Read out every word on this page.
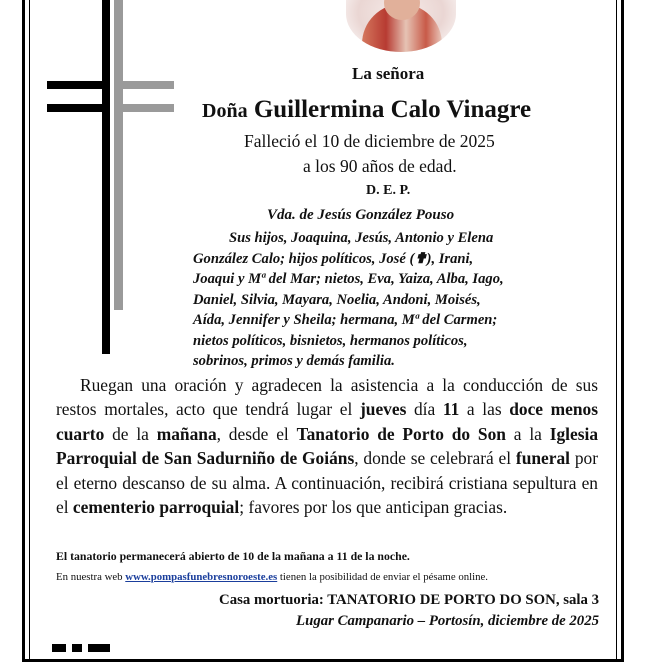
La señora
Doña Guillermina Calo Vinagre
Falleció el 10 de diciembre de 2025
a los 90 años de edad.
D. E. P.
Vda. de Jesús González Pouso
Sus hijos, Joaquina, Jesús, Antonio y Elena
González Calo; hijos políticos, José (✟), Irani,
Joaqui y Mª del Mar; nietos, Eva, Yaiza, Alba, Iago,
Daniel, Silvia, Mayara, Noelia, Andoni, Moisés,
Aída, Jennifer y Sheila; hermana, Mª del Carmen;
nietos políticos, bisnietos, hermanos políticos,
sobrinos, primos y demás familia.
Ruegan una oración y agradecen la asistencia a la conducción de sus restos mortales, acto que tendrá lugar el jueves día 11 a las doce menos cuarto de la mañana, desde el Tanatorio de Porto do Son a la Iglesia Parroquial de San Sadurniño de Goiáns, donde se celebrará el funeral por el eterno descanso de su alma. A continuación, recibirá cristiana sepultura en el cementerio parroquial; favores por los que anticipan gracias.
El tanatorio permanecerá abierto de 10 de la mañana a 11 de la noche.
En nuestra web www.pompasfunebresnoroeste.es tienen la posibilidad de enviar el pésame online.
Casa mortuoria: TANATORIO DE PORTO DO SON, sala 3
Lugar Campanario – Portosín, diciembre de 2025
